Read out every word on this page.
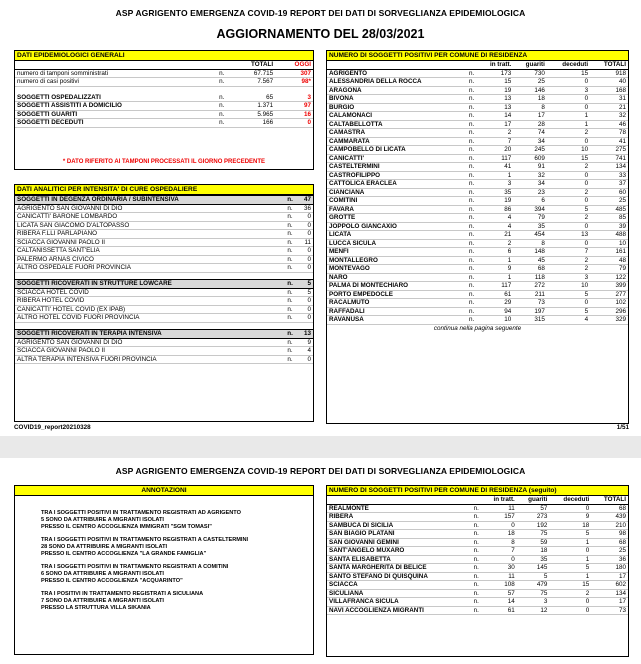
ASP AGRIGENTO EMERGENZA COVID-19 REPORT DEI DATI DI SORVEGLIANZA EPIDEMIOLOGICA
AGGIORNAMENTO DEL 28/03/2021
DATI EPIDEMIOLOGICI GENERALI
		TOTALI	OGGI
numero di tamponi somministrati	n.	67.715	307
numero di casi positivi	n.	7.567	98*

SOGGETTI OSPEDALIZZATI	n.	65	3
SOGGETTI ASSISTITI A DOMICILIO	n.	1.371	97
SOGGETTI GUARITI	n.	5.965	16
SOGGETTI DECEDUTI	n.	166	0
* DATO RIFERITO AI TAMPONI PROCESSATI IL GIORNO PRECEDENTE
DATI ANALITICI PER INTENSITA' DI CURE OSPEDALIERE
SOGGETTI IN DEGENZA ORDINARIA / SUBINTENSIVA	n.	47
AGRIGENTO SAN GIOVANNI DI DIO	n.	36
CANICATTI' BARONE LOMBARDO	n.	0
LICATA SAN GIACOMO D'ALTOPASSO	n.	0
RIBERA F.LLI PARLAPIANO	n.	0
SCIACCA GIOVANNI PAOLO II	n.	11
CALTANISSETTA SANT'ELIA	n.	0
PALERMO ARNAS CIVICO	n.	0
ALTRO OSPEDALE FUORI PROVINCIA	n.	0

SOGGETTI RICOVERATI IN STRUTTURE LOWCARE	n.	5
SCIACCA HOTEL COVID	n.	5
RIBERA HOTEL COVID	n.	0
CANICATTI' HOTEL COVID (EX IPAB)	n.	0
ALTRO HOTEL COVID FUORI PROVINCIA	n.	0

SOGGETTI RICOVERATI IN TERAPIA INTENSIVA	n.	13
AGRIGENTO SAN GIOVANNI DI DIO	n.	9
SCIACCA GIOVANNI PAOLO II	n.	4
ALTRA TERAPIA INTENSIVA FUORI PROVINCIA	n.	0
COVID19_report20210328	1/51
NUMERO DI SOGGETTI POSITIVI PER COMUNE DI RESIDENZA
		in tratt.	guariti	deceduti	TOTALI
AGRIGENTO	n.	173	730	15	918
ALESSANDRIA DELLA ROCCA	n.	15	25	0	40
ARAGONA	n.	19	146	3	168
BIVONA	n.	13	18	0	31
BURGIO	n.	13	8	0	21
CALAMONACI	n.	14	17	1	32
CALTABELLOTTA	n.	17	28	1	46
CAMASTRA	n.	2	74	2	78
CAMMARATA	n.	7	34	0	41
CAMPOBELLO DI LICATA	n.	20	245	10	275
CANICATTI'	n.	117	609	15	741
CASTELTERMINI	n.	41	91	2	134
CASTROFILIPPO	n.	1	32	0	33
CATTOLICA ERACLEA	n.	3	34	0	37
CIANCIANA	n.	35	23	2	60
COMITINI	n.	19	6	0	25
FAVARA	n.	86	394	5	485
GROTTE	n.	4	79	2	85
JOPPOLO GIANCAXIO	n.	4	35	0	39
LICATA	n.	21	454	13	488
LUCCA SICULA	n.	2	8	0	10
MENFI	n.	6	148	7	161
MONTALLEGRO	n.	1	45	2	48
MONTEVAGO	n.	9	68	2	79
NARO	n.	1	118	3	122
PALMA DI MONTECHIARO	n.	117	272	10	399
PORTO EMPEDOCLE	n.	61	211	5	277
RACALMUTO	n.	29	73	0	102
RAFFADALI	n.	94	197	5	296
RAVANUSA	n.	10	315	4	329
continua nella pagina seguente					
ASP AGRIGENTO EMERGENZA COVID-19 REPORT DEI DATI DI SORVEGLIANZA EPIDEMIOLOGICA
ANNOTAZIONI

TRA I SOGGETTI POSITIVI IN TRATTAMENTO REGISTRATI AD AGRIGENTO

5 SONO DA ATTRIBUIRE A MIGRANTI ISOLATI

PRESSO IL CENTRO ACCOGLIENZA IMMIGRATI "SGM TOMASI"

TRA I SOGGETTI POSITIVI IN TRATTAMENTO REGISTRATI A CASTELTERMINI

28 SONO DA ATTRIBUIRE A MIGRANTI ISOLATI

PRESSO IL CENTRO ACCOGLIENZA "LA GRANDE FAMIGLIA"

TRA I SOGGETTI POSITIVI IN TRATTAMENTO REGISTRATI A COMITINI

6 SONO DA ATTRIBUIRE A MIGRANTI ISOLATI

PRESSO IL CENTRO ACCOGLIENZA "ACQUARINTO"

TRA I POSITIVI IN TRATTAMENTO REGISTRATI A SICULIANA

7 SONO DA ATTRIBUIRE A MIGRANTI ISOLATI

PRESSO LA STRUTTURA VILLA SIKANIA

NUMERO DI SOGGETTI POSITIVI PER COMUNE DI RESIDENZA (seguito)
		in tratt.	guariti	deceduti	TOTALI
REALMONTE	n.	11	57	0	68
RIBERA	n.	157	273	9	439
SAMBUCA DI SICILIA	n.	0	192	18	210
SAN BIAGIO PLATANI	n.	18	75	5	98
SAN GIOVANNI GEMINI	n.	8	59	1	68
SANT'ANGELO MUXARO	n.	7	18	0	25
SANTA ELISABETTA	n.	0	35	1	36
SANTA MARGHERITA DI BELICE	n.	30	145	5	180
SANTO STEFANO DI QUISQUINA	n.	11	5	1	17
SCIACCA	n.	108	479	15	602
SICULIANA	n.	57	75	2	134
VILLAFRANCA SICULA	n.	14	3	0	17
NAVI ACCOGLIENZA MIGRANTI	n.	61	12	0	73
